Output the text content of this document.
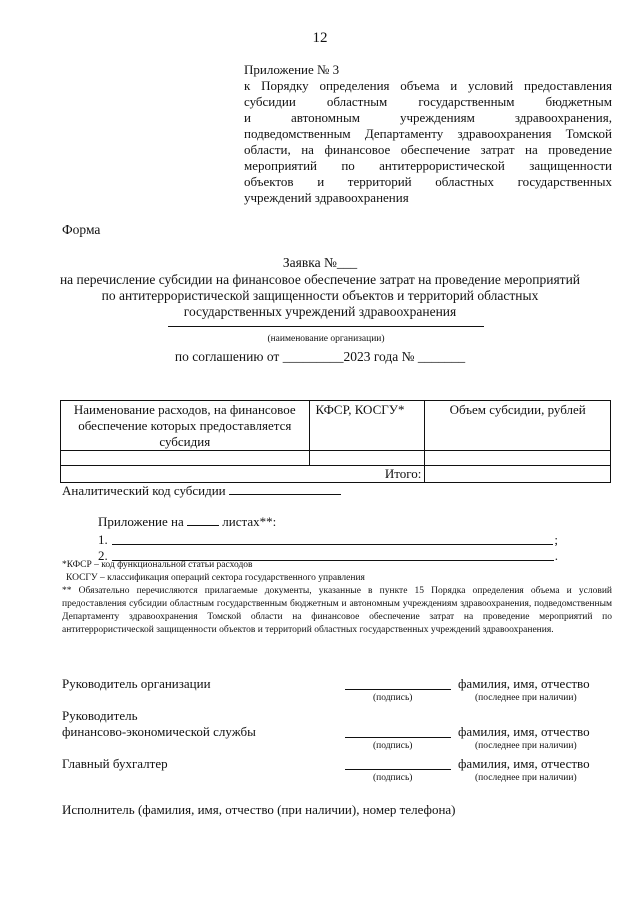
12
Приложение № 3
к Порядку определения объема и условий предоставления
субсидии областным государственным бюджетным
и автономным учреждениям здравоохранения,
подведомственным Департаменту здравоохранения Томской
области, на финансовое обеспечение затрат на проведение
мероприятий по антитеррористической защищенности
объектов и территорий областных государственных
учреждений здравоохранения
Форма
Заявка №___
на перечисление субсидии на финансовое обеспечение затрат на проведение мероприятий
по антитеррористической защищенности объектов и территорий областных
государственных учреждений здравоохранения
(наименование организации)
по соглашению от _________2023 года № _______
Наименование расходов, на финансовое обеспечение которых предоставляется субсидия	КФСР, КОСГУ*	Объем субсидии, рублей

Итого:		
Аналитический код субсидии
Приложение на	листах**:
1.	;
2.	.
*КФСР – код функциональной статьи расходов
КОСГУ – классификация операций сектора государственного управления
** Обязательно перечисляются прилагаемые документы, указанные в пункте 15 Порядка определения объема и условий предоставления субсидии областным государственным бюджетным и автономным учреждениям здравоохранения, подведомственным Департаменту здравоохранения Томской области на финансовое обеспечение затрат на проведение мероприятий по антитеррористической защищенности объектов и территорий областных государственных учреждений здравоохранения.
Руководитель организации	фамилия, имя, отчество
(подпись)	(последнее при наличии)
Руководитель
финансово-экономической службы	фамилия, имя, отчество
(подпись)	(последнее при наличии)
Главный бухгалтер	фамилия, имя, отчество
(подпись)	(последнее при наличии)
Исполнитель (фамилия, имя, отчество (при наличии), номер телефона)
